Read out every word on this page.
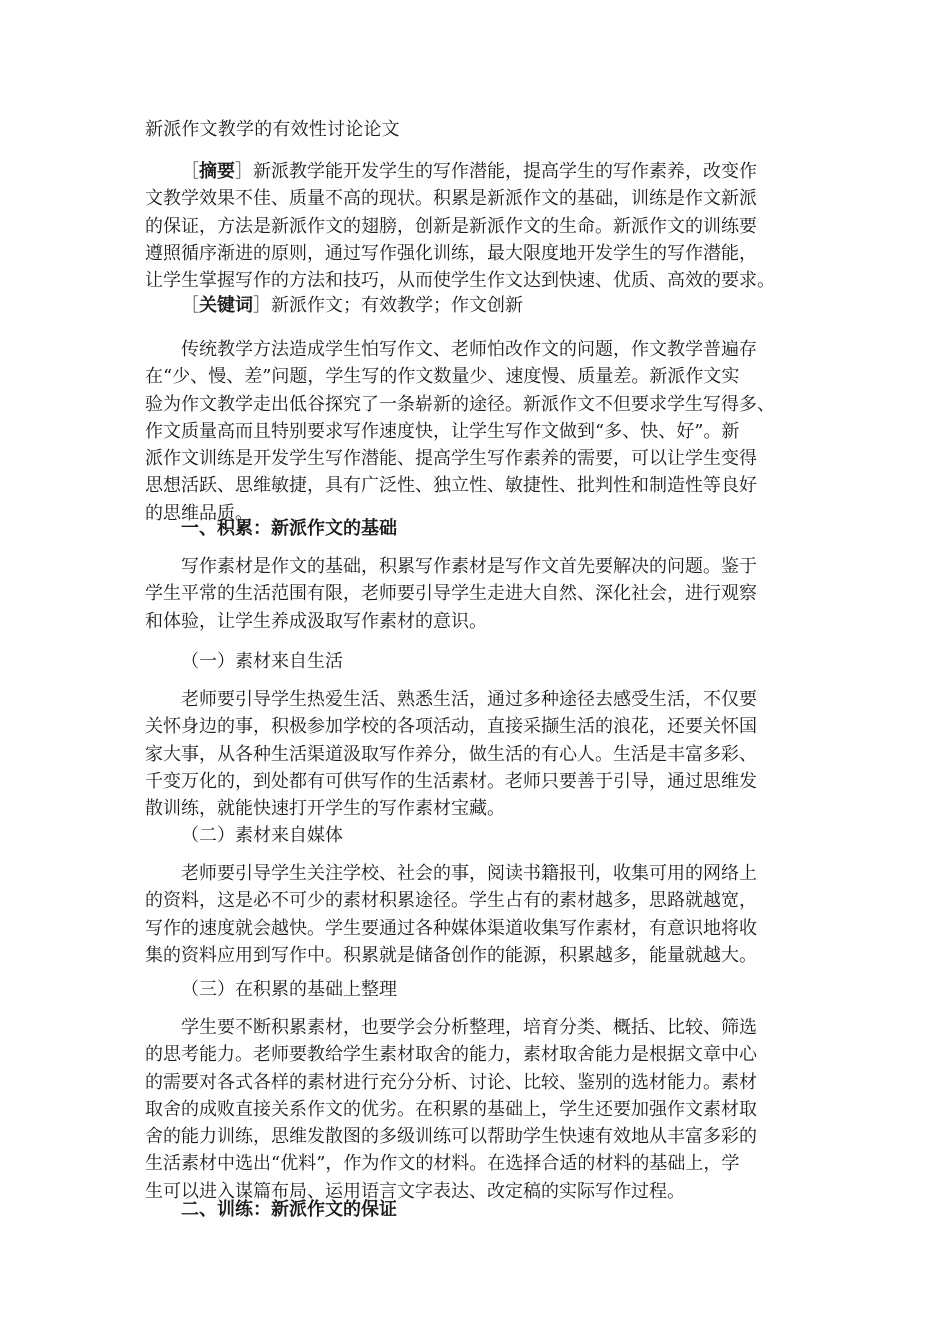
新派作文教学的有效性讨论论文
［摘要］新派教学能开发学生的写作潜能，提高学生的写作素养，改变作
文教学效果不佳、质量不高的现状。积累是新派作文的基础，训练是作文新派
的保证，方法是新派作文的翅膀，创新是新派作文的生命。新派作文的训练要
遵照循序渐进的原则，通过写作强化训练，最大限度地开发学生的写作潜能，
让学生掌握写作的方法和技巧，从而使学生作文达到快速、优质、高效的要求。
［关键词］新派作文；有效教学；作文创新
传统教学方法造成学生怕写作文、老师怕改作文的问题，作文教学普遍存
在“少、慢、差”问题，学生写的作文数量少、速度慢、质量差。新派作文实
验为作文教学走出低谷探究了一条崭新的途径。新派作文不但要求学生写得多、
作文质量高而且特别要求写作速度快，让学生写作文做到“多、快、好”。新
派作文训练是开发学生写作潜能、提高学生写作素养的需要，可以让学生变得
思想活跃、思维敏捷，具有广泛性、独立性、敏捷性、批判性和制造性等良好
的思维品质。
一、积累：新派作文的基础
写作素材是作文的基础，积累写作素材是写作文首先要解决的问题。鉴于
学生平常的生活范围有限，老师要引导学生走进大自然、深化社会，进行观察
和体验，让学生养成汲取写作素材的意识。
（一）素材来自生活
老师要引导学生热爱生活、熟悉生活，通过多种途径去感受生活，不仅要
关怀身边的事，积极参加学校的各项活动，直接采撷生活的浪花，还要关怀国
家大事，从各种生活渠道汲取写作养分，做生活的有心人。生活是丰富多彩、
千变万化的，到处都有可供写作的生活素材。老师只要善于引导，通过思维发
散训练，就能快速打开学生的写作素材宝藏。
（二）素材来自媒体
老师要引导学生关注学校、社会的事，阅读书籍报刊，收集可用的网络上
的资料，这是必不可少的素材积累途径。学生占有的素材越多，思路就越宽，
写作的速度就会越快。学生要通过各种媒体渠道收集写作素材，有意识地将收
集的资料应用到写作中。积累就是储备创作的能源，积累越多，能量就越大。
（三）在积累的基础上整理
学生要不断积累素材，也要学会分析整理，培育分类、概括、比较、筛选
的思考能力。老师要教给学生素材取舍的能力，素材取舍能力是根据文章中心
的需要对各式各样的素材进行充分分析、讨论、比较、鉴别的选材能力。素材
取舍的成败直接关系作文的优劣。在积累的基础上，学生还要加强作文素材取
舍的能力训练，思维发散图的多级训练可以帮助学生快速有效地从丰富多彩的
生活素材中选出“优料”，作为作文的材料。在选择合适的材料的基础上，学
生可以进入谋篇布局、运用语言文字表达、改定稿的实际写作过程。
二、训练：新派作文的保证
